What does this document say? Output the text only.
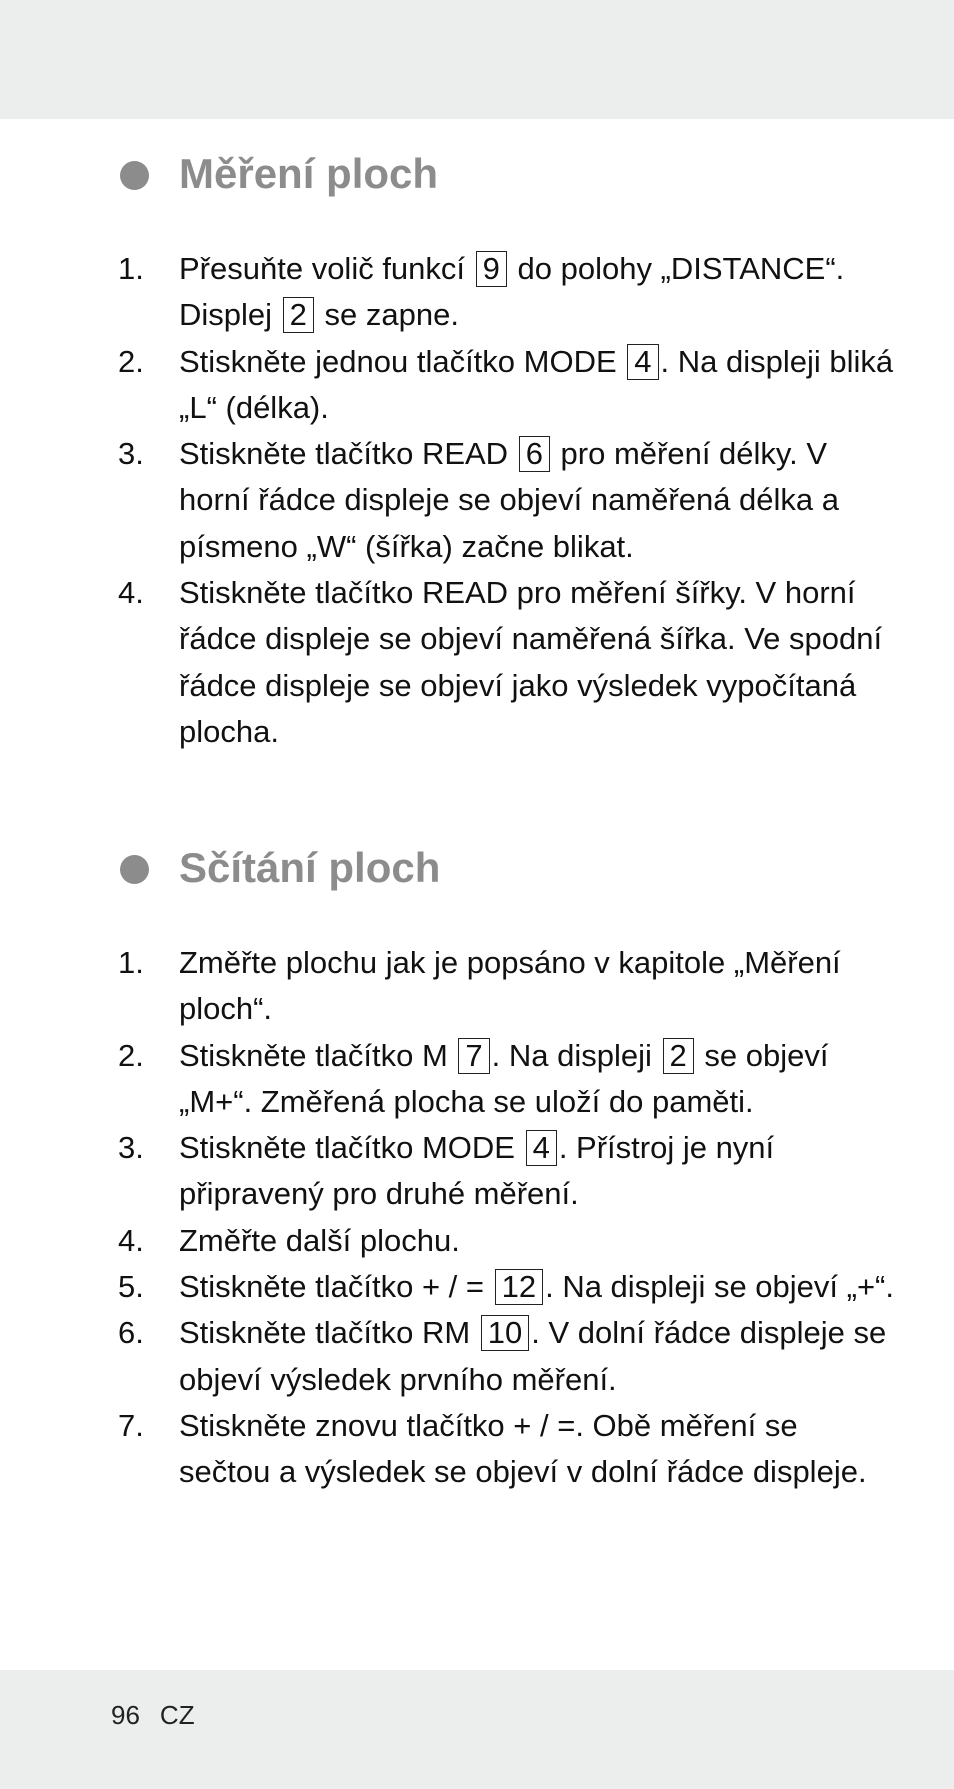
Měření ploch
1. Přesuňte volič funkcí 9 do polohy „DISTANCE“. Displej 2 se zapne.
2. Stiskněte jednou tlačítko MODE 4 . Na displeji bliká „L“ (délka).
3. Stiskněte tlačítko READ 6 pro měření délky. V horní řádce displeje se objeví naměřená délka a písmeno „W“ (šířka) začne blikat.
4. Stiskněte tlačítko READ pro měření šířky. V horní řádce displeje se objeví naměřená šířka. Ve spodní řádce displeje se objeví jako výsledek vypočítaná plocha.
Sčítání ploch
1. Změřte plochu jak je popsáno v kapitole „Měření ploch“.
2. Stiskněte tlačítko M 7 . Na displeji 2 se objeví „M+“. Změřená plocha se uloží do paměti.
3. Stiskněte tlačítko MODE 4 . Přístroj je nyní připravený pro druhé měření.
4. Změřte další plochu.
5. Stiskněte tlačítko + / = 12 . Na displeji se objeví „+“.
6. Stiskněte tlačítko RM 10 . V dolní řádce displeje se objeví výsledek prvního měření.
7. Stiskněte znovu tlačítko + / =. Obě měření se sečtou a výsledek se objeví v dolní řádce displeje.
96 CZ
